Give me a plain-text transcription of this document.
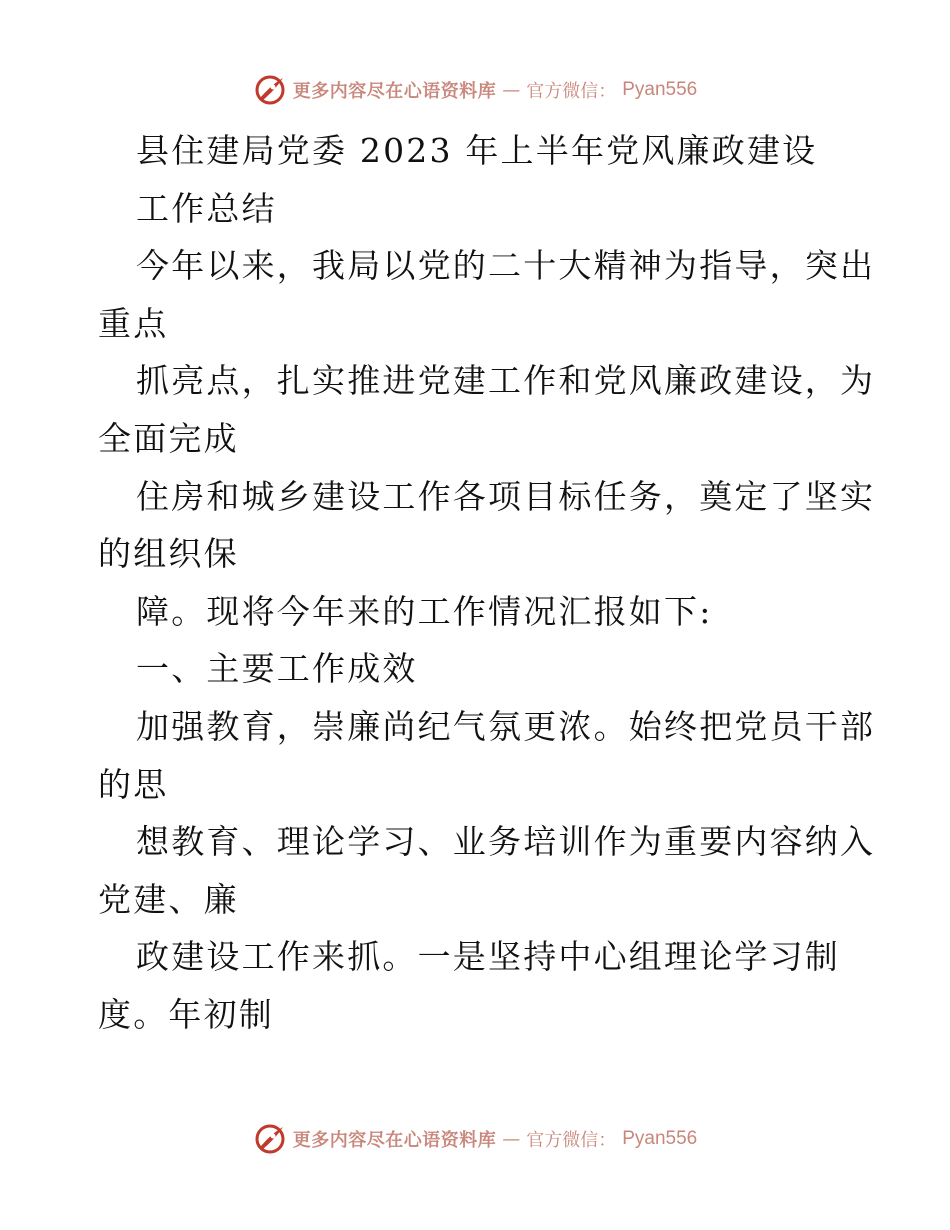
更多内容尽在心语资料库 — 官方微信： Pyan556
县住建局党委 2023 年上半年党风廉政建设
工作总结
今年以来，我局以党的二十大精神为指导，突出
重点
抓亮点，扎实推进党建工作和党风廉政建设，为
全面完成
住房和城乡建设工作各项目标任务，奠定了坚实
的组织保
障。现将今年来的工作情况汇报如下:
一、主要工作成效
加强教育，崇廉尚纪气氛更浓。始终把党员干部
的思
想教育、理论学习、业务培训作为重要内容纳入
党建、廉
政建设工作来抓。一是坚持中心组理论学习制
度。年初制
更多内容尽在心语资料库 — 官方微信： Pyan556
